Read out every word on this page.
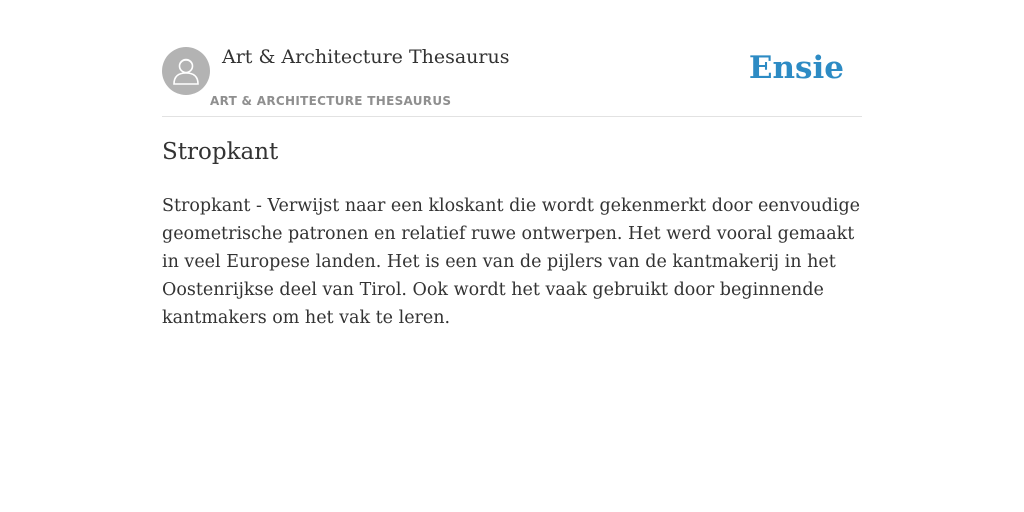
Art & Architecture Thesaurus
ART & ARCHITECTURE THESAURUS
Ensie
Stropkant

Stropkant - Verwijst naar een kloskant die wordt gekenmerkt door eenvoudige geometrische patronen en relatief ruwe ontwerpen. Het werd vooral gemaakt in veel Europese landen. Het is een van de pijlers van de kantmakerij in het Oostenrijkse deel van Tirol. Ook wordt het vaak gebruikt door beginnende kantmakers om het vak te leren.
